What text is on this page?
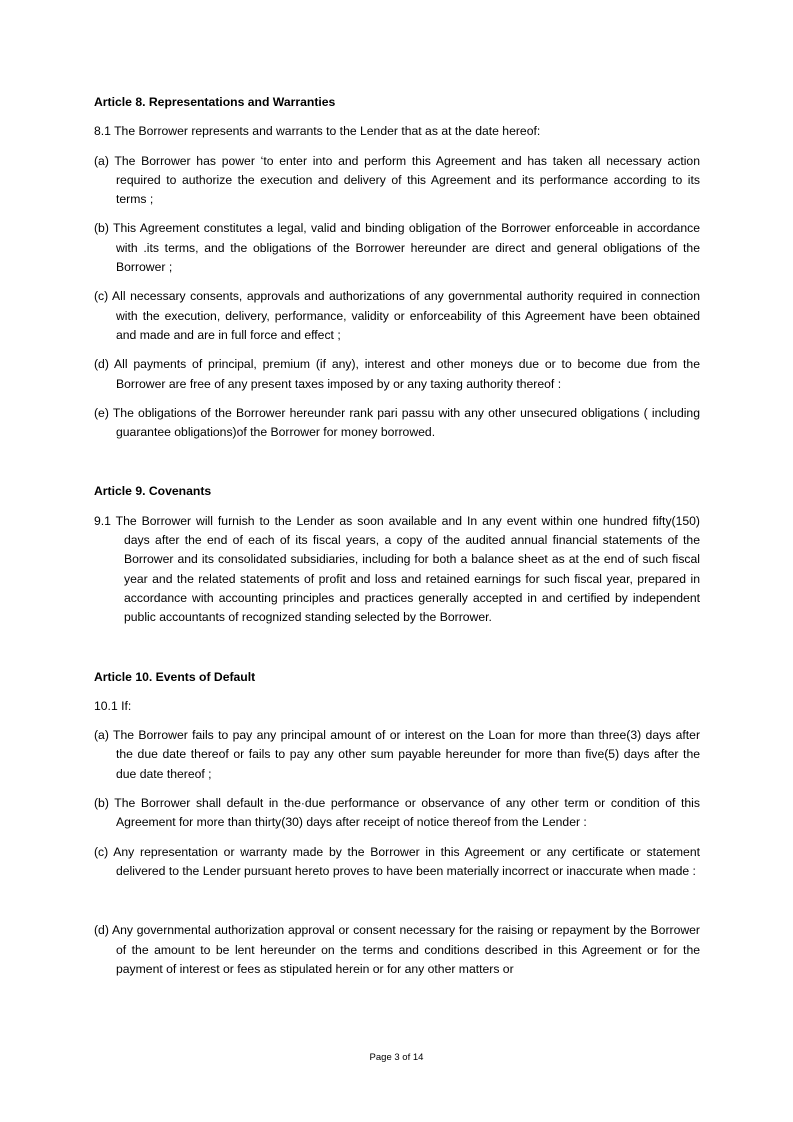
Article 8. Representations and Warranties

8.1 The Borrower represents and warrants to the Lender that as at the date hereof:

(a) The Borrower has power ‘to enter into and perform this Agreement and has taken all necessary action required to authorize the execution and delivery of this Agreement and its performance according to its terms ;

(b) This Agreement constitutes a legal, valid and binding obligation of the Borrower enforceable in accordance with .its terms, and the obligations of the Borrower hereunder are direct and general obligations of the Borrower ;

(c) All necessary consents, approvals and authorizations of any governmental authority required in connection with the execution, delivery, performance, validity or enforceability of this Agreement have been obtained and made and are in full force and effect ;

(d) All payments of principal, premium (if any), interest and other moneys due or to become due from the Borrower are free of any present taxes imposed by or any taxing authority thereof :

(e) The obligations of the Borrower hereunder rank pari passu with any other unsecured obligations ( including guarantee obligations)of the Borrower for money borrowed.

Article 9. Covenants

9.1 The Borrower will furnish to the Lender as soon available and In any event within one hundred fifty(150) days after the end of each of its fiscal years, a copy of the audited annual financial statements of the Borrower and its consolidated subsidiaries, including for both a balance sheet as at the end of such fiscal year and the related statements of profit and loss and retained earnings for such fiscal year, prepared in accordance with accounting principles and practices generally accepted in and certified by independent public accountants of recognized standing selected by the Borrower.

Article 10. Events of Default

10.1 If:

(a) The Borrower fails to pay any principal amount of or interest on the Loan for more than three(3) days after the due date thereof or fails to pay any other sum payable hereunder for more than five(5) days after the due date thereof ;

(b) The Borrower shall default in the·due performance or observance of any other term or condition of this Agreement for more than thirty(30) days after receipt of notice thereof from the Lender :

(c) Any representation or warranty made by the Borrower in this Agreement or any certificate or statement delivered to the Lender pursuant hereto proves to have been materially incorrect or inaccurate when made :

(d) Any governmental authorization approval or consent necessary for the raising or repayment by the Borrower of the amount to be lent hereunder on the terms and conditions described in this Agreement or for the payment of interest or fees as stipulated herein or for any other matters or

Page 3 of 14
